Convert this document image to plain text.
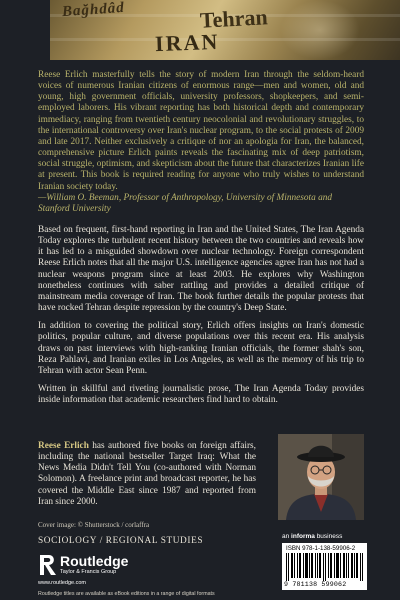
Bağhdâd	Tehran
IRAN
Reese Erlich masterfully tells the story of modern Iran through the seldom-heard voices of numerous Iranian citizens of enormous range—men and women, old and young, high government officials, university professors, shopkeepers, and semi-employed laborers. His vibrant reporting has both historical depth and contemporary immediacy, ranging from twentieth century neocolonial and revolutionary struggles, to the international controversy over Iran's nuclear program, to the social protests of 2009 and late 2017. Neither exclusively a critique of nor an apologia for Iran, the balanced, comprehensive picture Erlich paints reveals the fascinating mix of deep patriotism, social struggle, optimism, and skepticism about the future that characterizes Iranian life at present. This book is required reading for anyone who truly wishes to understand Iranian society today.
—William O. Beeman, Professor of Anthropology, University of Minnesota and Stanford University

Based on frequent, first-hand reporting in Iran and the United States, The Iran Agenda Today explores the turbulent recent history between the two countries and reveals how it has led to a misguided showdown over nuclear technology. Foreign correspondent Reese Erlich notes that all the major U.S. intelligence agencies agree Iran has not had a nuclear weapons program since at least 2003. He explores why Washington nonetheless continues with saber rattling and provides a detailed critique of mainstream media coverage of Iran. The book further details the popular protests that have rocked Tehran despite repression by the country's Deep State.

In addition to covering the political story, Erlich offers insights on Iran's domestic politics, popular culture, and diverse populations over this recent era. His analysis draws on past interviews with high-ranking Iranian officials, the former shah's son, Reza Pahlavi, and Iranian exiles in Los Angeles, as well as the memory of his trip to Tehran with actor Sean Penn.

Written in skillful and riveting journalistic prose, The Iran Agenda Today provides inside information that academic researchers find hard to obtain.

Reese Erlich has authored five books on foreign affairs, including the national bestseller Target Iraq: What the News Media Didn't Tell You (co-authored with Norman Solomon). A freelance print and broadcast reporter, he has covered the Middle East since 1987 and reported from Iran since 2000.
Cover image: © Shutterstock / corlaffra
SOCIOLOGY / REGIONAL STUDIES
Routledge
Taylor & Francis Group
www.routledge.com
an informa business
ISBN 978-1-138-59906-2
9 781138 599062
Routledge titles are available as eBook editions in a range of digital formats
